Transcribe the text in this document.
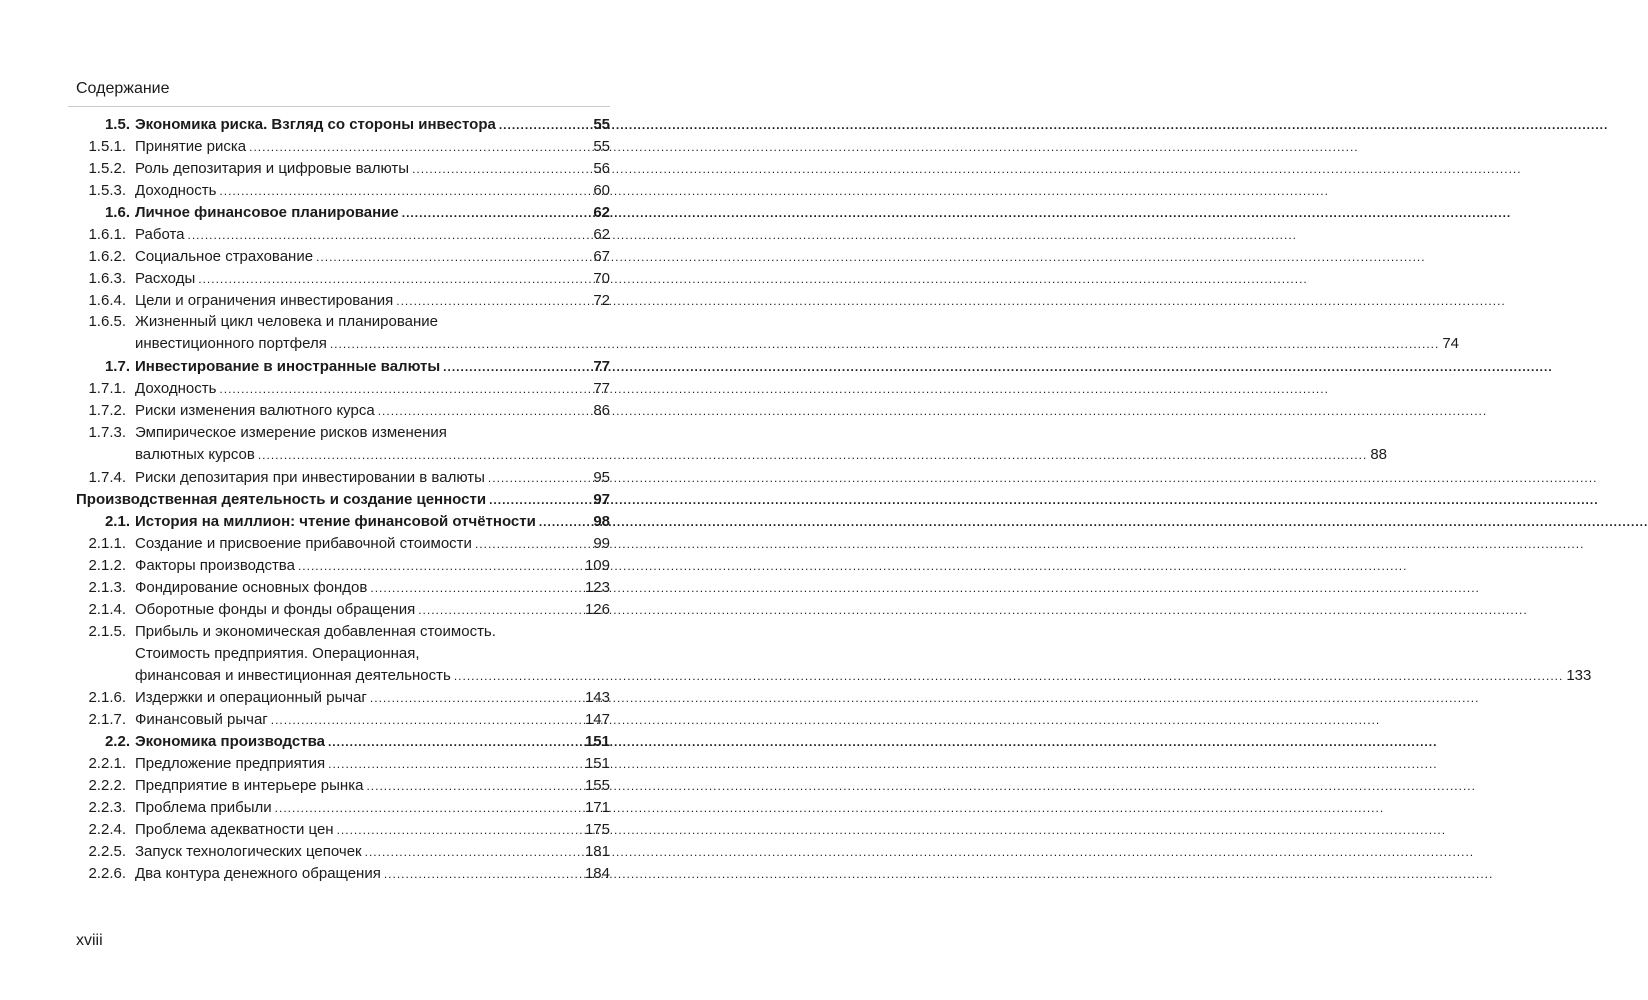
Содержание
1.5. Экономика риска. Взгляд со стороны инвестора .....	55
1.5.1. Принятие риска .....	55
1.5.2. Роль депозитария и цифровые валюты .....	56
1.5.3. Доходность .....	60
1.6. Личное финансовое планирование .....	62
1.6.1. Работа .....	62
1.6.2. Социальное страхование .....	67
1.6.3. Расходы .....	70
1.6.4. Цели и ограничения инвестирования .....	72
1.6.5. Жизненный цикл человека и планирование
инвестиционного портфеля .....	74
1.7. Инвестирование в иностранные валюты .....	77
1.7.1. Доходность .....	77
1.7.2. Риски изменения валютного курса .....	86
1.7.3. Эмпирическое измерение рисков изменения
валютных курсов .....	88
1.7.4. Риски депозитария при инвестировании в валюты .....	95
Производственная деятельность и создание ценности .....	97
2.1. История на миллион: чтение финансовой отчётности .....	98
2.1.1. Создание и присвоение прибавочной стоимости .....	99
2.1.2. Факторы производства .....	109
2.1.3. Фондирование основных фондов .....	123
2.1.4. Оборотные фонды и фонды обращения .....	126
2.1.5. Прибыль и экономическая добавленная стоимость.
Стоимость предприятия. Операционная,
финансовая и инвестиционная деятельность .....	133
2.1.6. Издержки и операционный рычаг .....	143
2.1.7. Финансовый рычаг .....	147
2.2. Экономика производства .....	151
2.2.1. Предложение предприятия .....	151
2.2.2. Предприятие в интерьере рынка .....	155
2.2.3. Проблема прибыли .....	171
2.2.4. Проблема адекватности цен .....	175
2.2.5. Запуск технологических цепочек .....	181
2.2.6. Два контура денежного обращения .....	184
xviii
